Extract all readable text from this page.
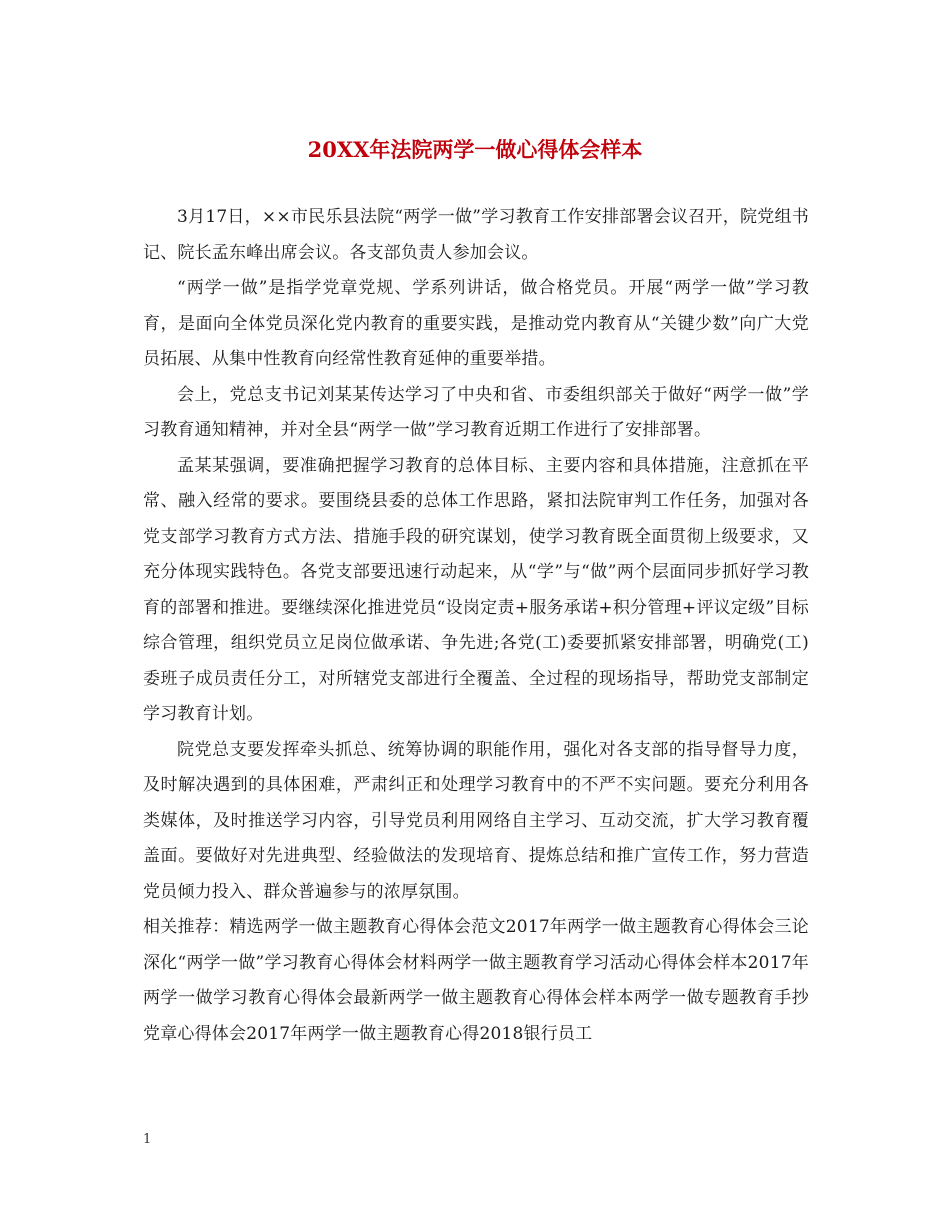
20XX年法院两学一做心得体会样本

3月17日，××市民乐县法院“两学一做”学习教育工作安排部署会议召开，院党组书记、院长孟东峰出席会议。各支部负责人参加会议。

“两学一做”是指学党章党规、学系列讲话，做合格党员。开展“两学一做”学习教育，是面向全体党员深化党内教育的重要实践，是推动党内教育从“关键少数”向广大党员拓展、从集中性教育向经常性教育延伸的重要举措。

会上，党总支书记刘某某传达学习了中央和省、市委组织部关于做好“两学一做”学习教育通知精神，并对全县“两学一做”学习教育近期工作进行了安排部署。

孟某某强调，要准确把握学习教育的总体目标、主要内容和具体措施，注意抓在平常、融入经常的要求。要围绕县委的总体工作思路，紧扣法院审判工作任务，加强对各党支部学习教育方式方法、措施手段的研究谋划，使学习教育既全面贯彻上级要求，又充分体现实践特色。各党支部要迅速行动起来，从“学”与“做”两个层面同步抓好学习教育的部署和推进。要继续深化推进党员“设岗定责+服务承诺+积分管理+评议定级”目标综合管理，组织党员立足岗位做承诺、争先进;各党(工)委要抓紧安排部署，明确党(工)委班子成员责任分工，对所辖党支部进行全覆盖、全过程的现场指导，帮助党支部制定学习教育计划。

院党总支要发挥牵头抓总、统筹协调的职能作用，强化对各支部的指导督导力度，及时解决遇到的具体困难，严肃纠正和处理学习教育中的不严不实问题。要充分利用各类媒体，及时推送学习内容，引导党员利用网络自主学习、互动交流，扩大学习教育覆盖面。要做好对先进典型、经验做法的发现培育、提炼总结和推广宣传工作，努力营造党员倾力投入、群众普遍参与的浓厚氛围。

相关推荐：精选两学一做主题教育心得体会范文2017年两学一做主题教育心得体会三论深化“两学一做”学习教育心得体会材料两学一做主题教育学习活动心得体会样本2017年两学一做学习教育心得体会最新两学一做主题教育心得体会样本两学一做专题教育手抄党章心得体会2017年两学一做主题教育心得2018银行员工

1
